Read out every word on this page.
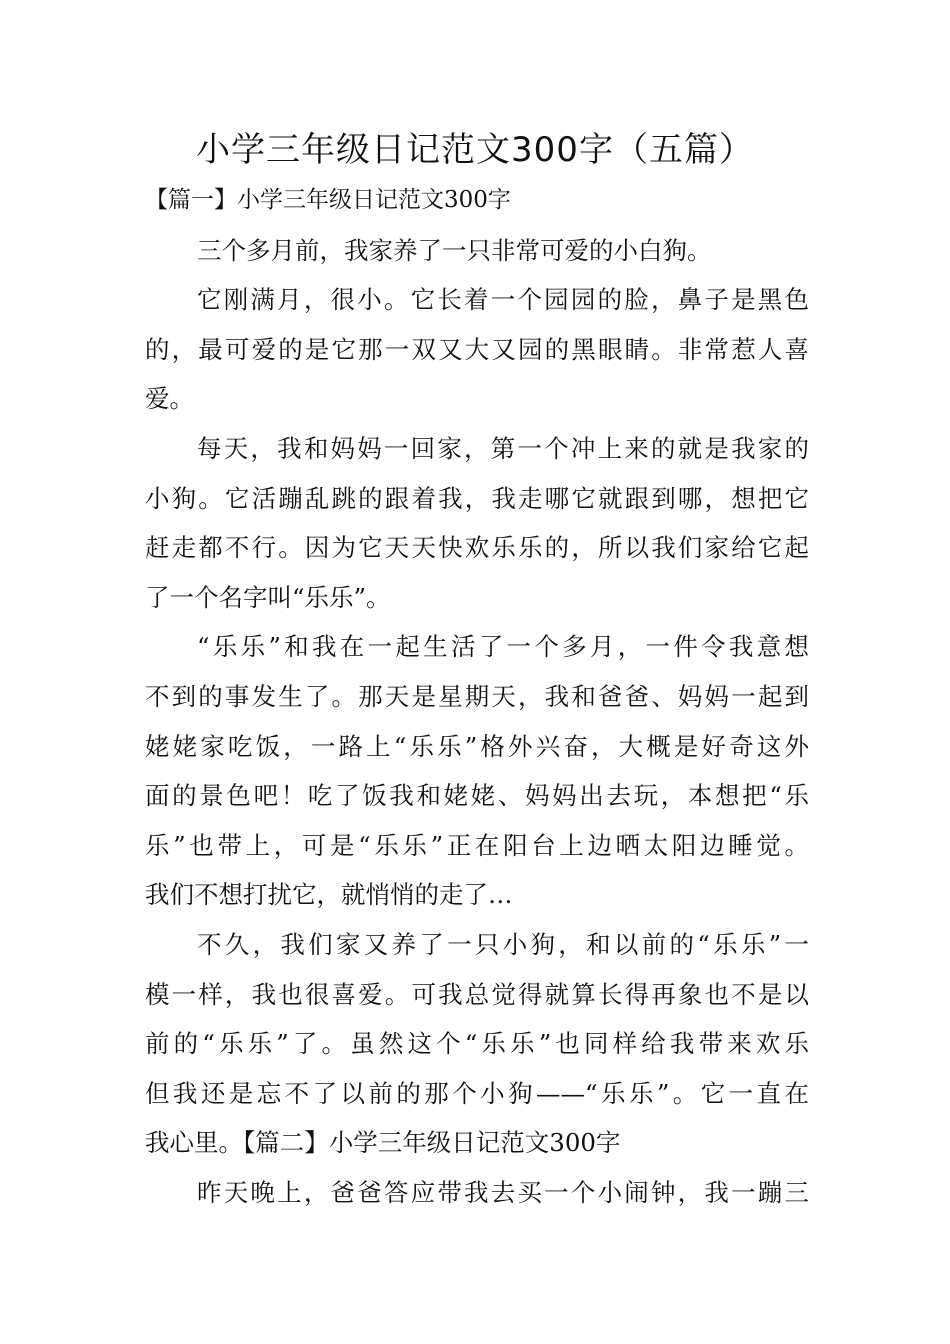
小学三年级日记范文300字（五篇）
【篇一】小学三年级日记范文300字
三个多月前，我家养了一只非常可爱的小白狗。
它刚满月，很小。它长着一个园园的脸，鼻子是黑色
的，最可爱的是它那一双又大又园的黑眼睛。非常惹人喜
爱。
每天，我和妈妈一回家，第一个冲上来的就是我家的
小狗。它活蹦乱跳的跟着我，我走哪它就跟到哪，想把它
赶走都不行。因为它天天快欢乐乐的，所以我们家给它起
了一个名字叫“乐乐”。
“乐乐”和我在一起生活了一个多月，一件令我意想
不到的事发生了。那天是星期天，我和爸爸、妈妈一起到
姥姥家吃饭，一路上“乐乐”格外兴奋，大概是好奇这外
面的景色吧！吃了饭我和姥姥、妈妈出去玩，本想把“乐
乐”也带上，可是“乐乐”正在阳台上边晒太阳边睡觉。
我们不想打扰它，就悄悄的走了…
不久，我们家又养了一只小狗，和以前的“乐乐”一
模一样，我也很喜爱。可我总觉得就算长得再象也不是以
前的“乐乐”了。虽然这个“乐乐”也同样给我带来欢乐
但我还是忘不了以前的那个小狗——“乐乐”。它一直在
我心里。【篇二】小学三年级日记范文300字
昨天晚上，爸爸答应带我去买一个小闹钟，我一蹦三
